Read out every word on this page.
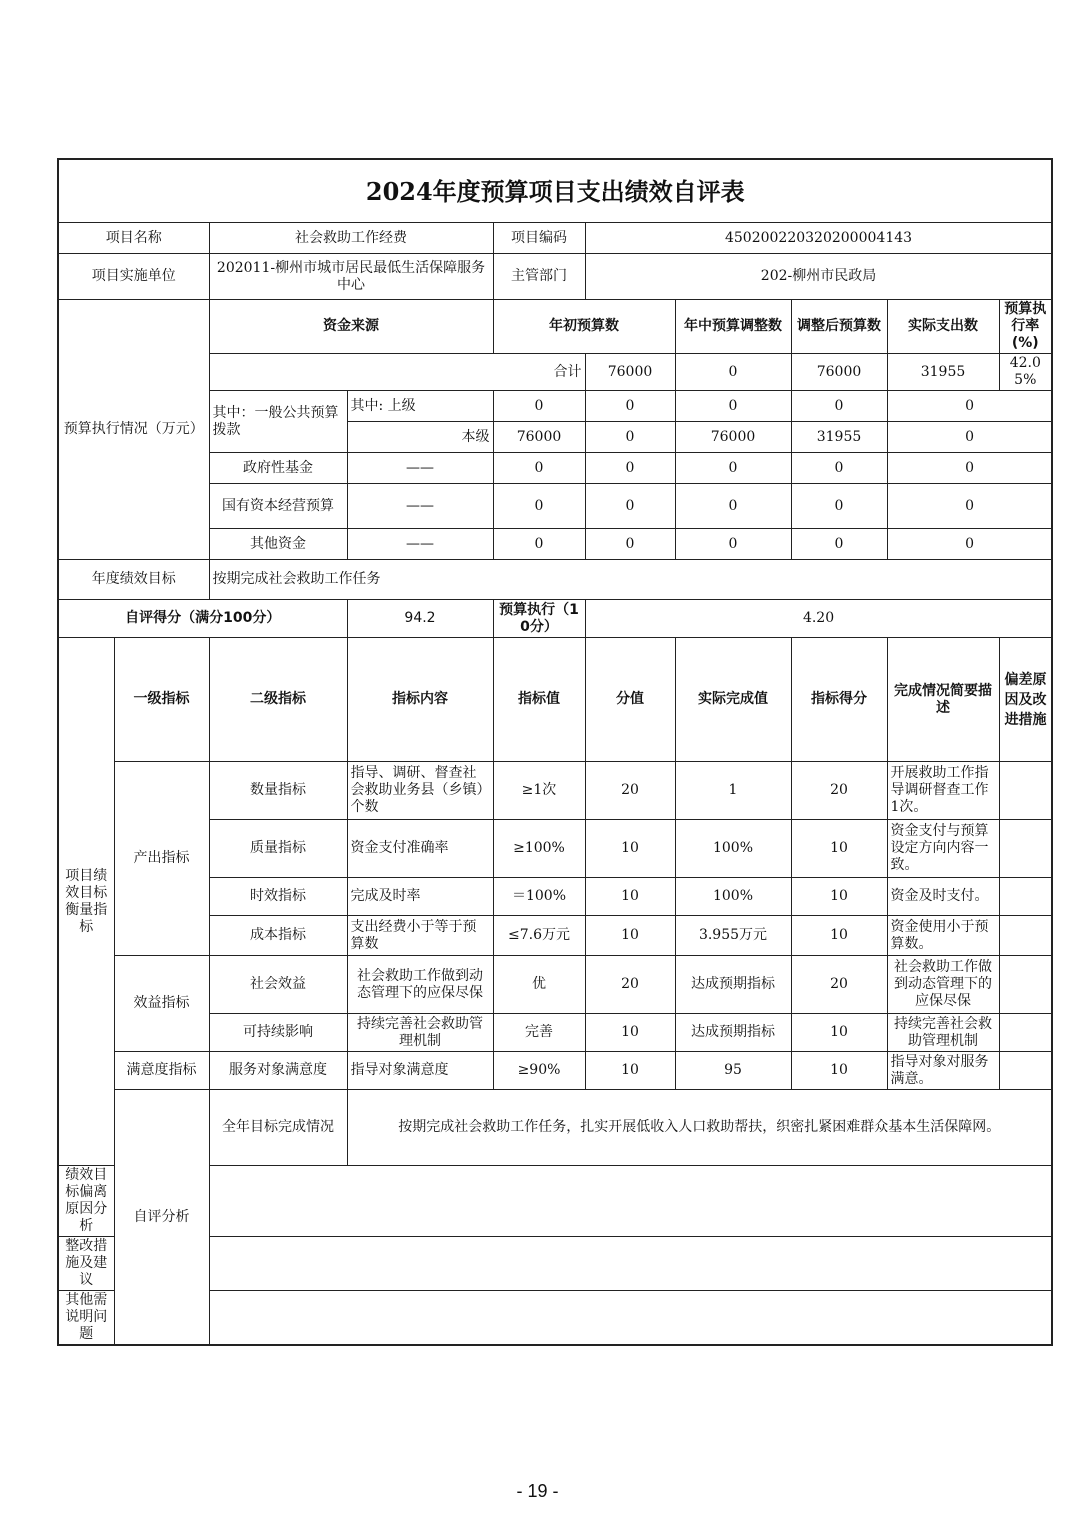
2024年度预算项目支出绩效自评表									
项目名称		社会救助工作经费		项目编码	450200220320200004143				
项目实施单位		202011-柳州市城市居民最低生活保障服务中心		主管部门	202-柳州市民政局				
预算执行情况（万元）		资金来源		年初预算数		年中预算调整数	调整后预算数	实际支出数	预算执行率(%)
		合计			76000	0	76000	31955	42.05%
		其中：一般公共预算拨款	其中: 上级	0	0	0	0	0	
			本级	76000	0	76000	31955	0	
		政府性基金	——	0	0	0	0	0	
		国有资本经营预算	——	0	0	0	0	0	
		其他资金	——	0	0	0	0	0	
年度绩效目标		按期完成社会救助工作任务							
自评得分（满分100分）			94.2	预算执行（10分）	4.20				
项目绩效目标衡量指标	一级指标	二级指标	指标内容	指标值	分值	实际完成值	指标得分	完成情况简要描述	偏差原因及改进措施
	产出指标	数量指标	指导、调研、督查社会救助业务县（乡镇）个数	≥1次	20	1	20	开展救助工作指导调研督查工作1次。	
		质量指标	资金支付准确率	≥100%	10	100%	10	资金支付与预算设定方向内容一致。	
		时效指标	完成及时率	＝100%	10	100%	10	资金及时支付。	
		成本指标	支出经费小于等于预算数	≤7.6万元	10	3.955万元	10	资金使用小于预算数。	
	效益指标	社会效益	社会救助工作做到动态管理下的应保尽保	优	20	达成预期指标	20	社会救助工作做到动态管理下的应保尽保	
		可持续影响	持续完善社会救助管理机制	完善	10	达成预期指标	10	持续完善社会救助管理机制	
	满意度指标	服务对象满意度	指导对象满意度	≥90%	10	95	10	指导对象对服务满意。	
	自评分析	全年目标完成情况	按期完成社会救助工作任务，扎实开展低收入人口救助帮扶，织密扎紧困难群众基本生活保障网。						
绩效目标偏离原因分析									
整改措施及建议									
其他需说明问题									
- 19 -
